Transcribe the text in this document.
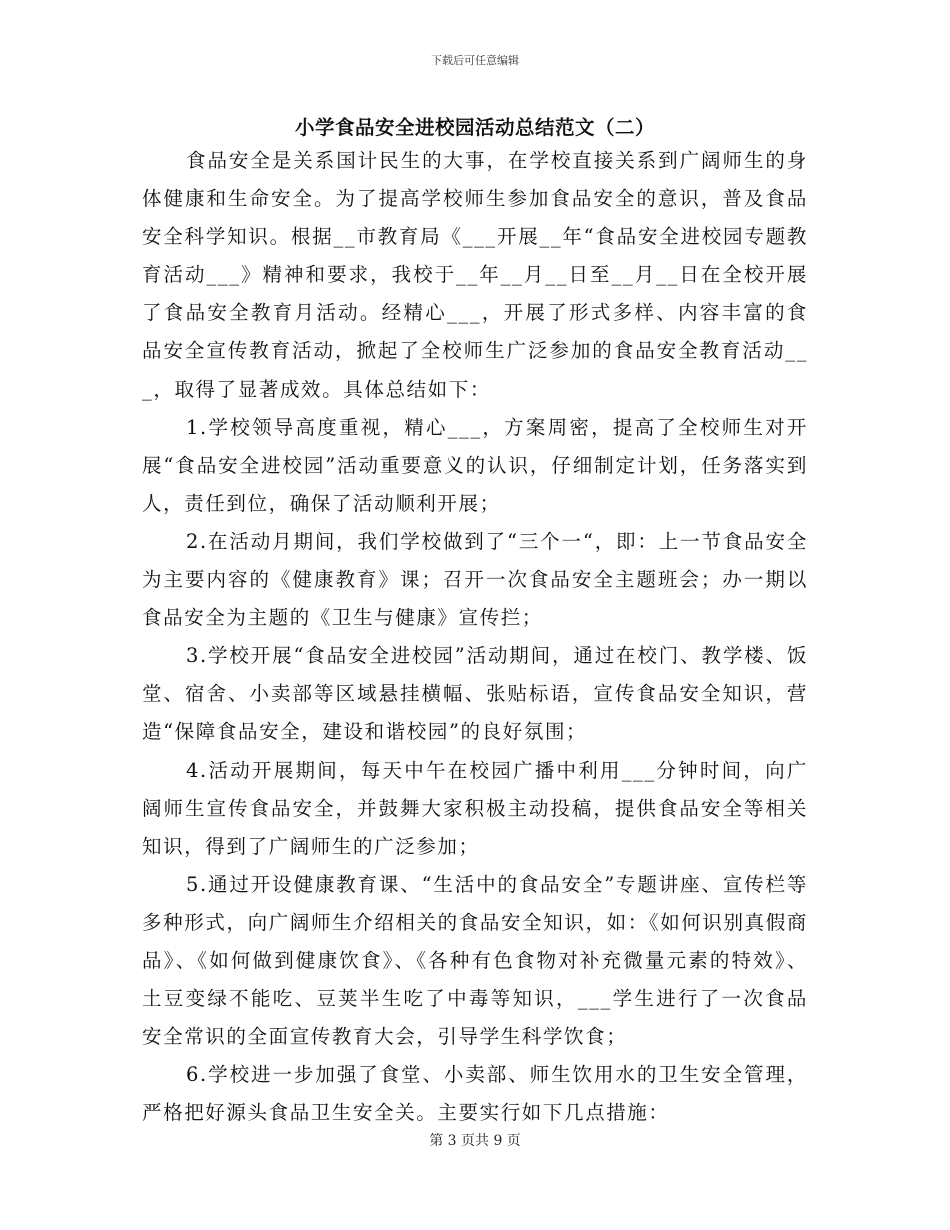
下载后可任意编辑
小学食品安全进校园活动总结范文（二）

食品安全是关系国计民生的大事，在学校直接关系到广阔师生的身体健康和生命安全。为了提高学校师生参加食品安全的意识，普及食品安全科学知识。根据__市教育局《___开展__年“食品安全进校园专题教育活动___》精神和要求，我校于__年__月__日至__月__日在全校开展了食品安全教育月活动。经精心___，开展了形式多样、内容丰富的食品安全宣传教育活动，掀起了全校师生广泛参加的食品安全教育活动___，取得了显著成效。具体总结如下：

1.学校领导高度重视，精心___，方案周密，提高了全校师生对开展“食品安全进校园”活动重要意义的认识，仔细制定计划，任务落实到人，责任到位，确保了活动顺利开展；

2.在活动月期间，我们学校做到了“三个一“，即：上一节食品安全为主要内容的《健康教育》课；召开一次食品安全主题班会；办一期以食品安全为主题的《卫生与健康》宣传拦；

3.学校开展“食品安全进校园”活动期间，通过在校门、教学楼、饭堂、宿舍、小卖部等区域悬挂横幅、张贴标语，宣传食品安全知识，营造“保障食品安全，建设和谐校园”的良好氛围；

4.活动开展期间，每天中午在校园广播中利用___分钟时间，向广阔师生宣传食品安全，并鼓舞大家积极主动投稿，提供食品安全等相关知识，得到了广阔师生的广泛参加；

5.通过开设健康教育课、“生活中的食品安全”专题讲座、宣传栏等多种形式，向广阔师生介绍相关的食品安全知识，如：《如何识别真假商品》、《如何做到健康饮食》、《各种有色食物对补充微量元素的特效》、土豆变绿不能吃、豆荚半生吃了中毒等知识，___学生进行了一次食品安全常识的全面宣传教育大会，引导学生科学饮食；

6.学校进一步加强了食堂、小卖部、师生饮用水的卫生安全管理，严格把好源头食品卫生安全关。主要实行如下几点措施：

第 3 页共 9 页
